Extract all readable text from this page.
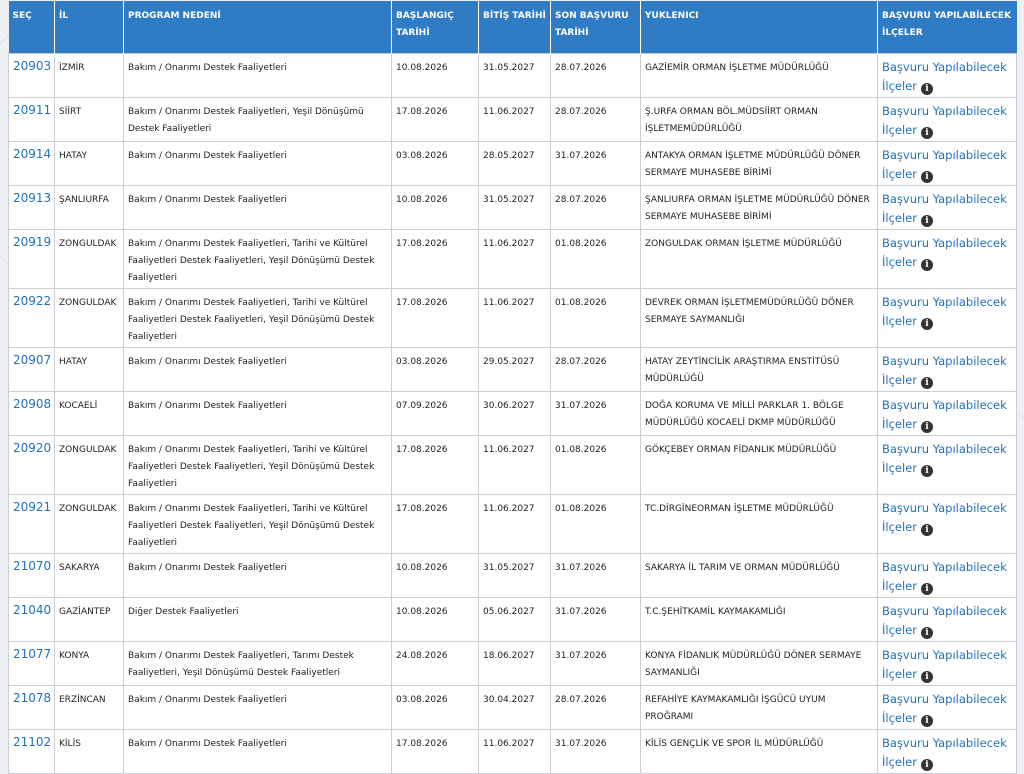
SEÇ	İL	PROGRAM NEDENİ	BAŞLANGIÇ TARİHİ	BİTİŞ TARİHİ	SON BAŞVURU TARİHİ	YUKLENICI	BAŞVURU YAPILABİLECEK İLÇELER
20903	İZMİR	Bakım / Onarımı Destek Faaliyetleri	10.08.2026	31.05.2027	28.07.2026	GAZİEMİR ORMAN İŞLETME MÜDÜRLÜĞÜ	Başvuru Yapılabilecek İlçeler i
20911	SİİRT	Bakım / Onarımı Destek Faaliyetleri, Yeşil Dönüşümü Destek Faaliyetleri	17.08.2026	11.06.2027	28.07.2026	Ş.URFA ORMAN BÖL.MÜDSİİRT ORMAN İŞLETMEMÜDÜRLÜĞÜ	Başvuru Yapılabilecek İlçeler i
20914	HATAY	Bakım / Onarımı Destek Faaliyetleri	03.08.2026	28.05.2027	31.07.2026	ANTAKYA ORMAN İŞLETME MÜDÜRLÜĞÜ DÖNER SERMAYE MUHASEBE BİRİMİ	Başvuru Yapılabilecek İlçeler i
20913	ŞANLIURFA	Bakım / Onarımı Destek Faaliyetleri	10.08.2026	31.05.2027	28.07.2026	ŞANLIURFA ORMAN İŞLETME MÜDÜRLÜĞÜ DÖNER SERMAYE MUHASEBE BİRİMİ	Başvuru Yapılabilecek İlçeler i
20919	ZONGULDAK	Bakım / Onarımı Destek Faaliyetleri, Tarihi ve Kültürel Faaliyetleri Destek Faaliyetleri, Yeşil Dönüşümü Destek Faaliyetleri	17.08.2026	11.06.2027	01.08.2026	ZONGULDAK ORMAN İŞLETME MÜDÜRLÜĞÜ	Başvuru Yapılabilecek İlçeler i
20922	ZONGULDAK	Bakım / Onarımı Destek Faaliyetleri, Tarihi ve Kültürel Faaliyetleri Destek Faaliyetleri, Yeşil Dönüşümü Destek Faaliyetleri	17.08.2026	11.06.2027	01.08.2026	DEVREK ORMAN İŞLETMEMÜDÜRLÜĞÜ DÖNER SERMAYE SAYMANLIĞI	Başvuru Yapılabilecek İlçeler i
20907	HATAY	Bakım / Onarımı Destek Faaliyetleri	03.08.2026	29.05.2027	28.07.2026	HATAY ZEYTİNCİLİK ARAŞTIRMA ENSTİTÜSÜ MÜDÜRLÜĞÜ	Başvuru Yapılabilecek İlçeler i
20908	KOCAELİ	Bakım / Onarımı Destek Faaliyetleri	07.09.2026	30.06.2027	31.07.2026	DOĞA KORUMA VE MİLLİ PARKLAR 1. BÖLGE MÜDÜRLÜĞÜ KOCAELİ DKMP MÜDÜRLÜĞÜ	Başvuru Yapılabilecek İlçeler i
20920	ZONGULDAK	Bakım / Onarımı Destek Faaliyetleri, Tarihi ve Kültürel Faaliyetleri Destek Faaliyetleri, Yeşil Dönüşümü Destek Faaliyetleri	17.08.2026	11.06.2027	01.08.2026	GÖKÇEBEY ORMAN FİDANLIK MÜDÜRLÜĞÜ	Başvuru Yapılabilecek İlçeler i
20921	ZONGULDAK	Bakım / Onarımı Destek Faaliyetleri, Tarihi ve Kültürel Faaliyetleri Destek Faaliyetleri, Yeşil Dönüşümü Destek Faaliyetleri	17.08.2026	11.06.2027	01.08.2026	TC.DİRGİNEORMAN İŞLETME MÜDÜRLÜĞÜ	Başvuru Yapılabilecek İlçeler i
21070	SAKARYA	Bakım / Onarımı Destek Faaliyetleri	10.08.2026	31.05.2027	31.07.2026	SAKARYA İL TARIM VE ORMAN MÜDÜRLÜĞÜ	Başvuru Yapılabilecek İlçeler i
21040	GAZİANTEP	Diğer Destek Faaliyetleri	10.08.2026	05.06.2027	31.07.2026	T.C.ŞEHİTKAMİL KAYMAKAMLIĞI	Başvuru Yapılabilecek İlçeler i
21077	KONYA	Bakım / Onarımı Destek Faaliyetleri, Tarımı Destek Faaliyetleri, Yeşil Dönüşümü Destek Faaliyetleri	24.08.2026	18.06.2027	31.07.2026	KONYA FİDANLIK MÜDÜRLÜĞÜ DÖNER SERMAYE SAYMANLIĞI	Başvuru Yapılabilecek İlçeler i
21078	ERZİNCAN	Bakım / Onarımı Destek Faaliyetleri	03.08.2026	30.04.2027	28.07.2026	REFAHİYE KAYMAKAMLIĞI İŞGÜCÜ UYUM PROĞRAMI	Başvuru Yapılabilecek İlçeler i
21102	KİLİS	Bakım / Onarımı Destek Faaliyetleri	17.08.2026	11.06.2027	31.07.2026	KİLİS GENÇLİK VE SPOR İL MÜDÜRLÜĞÜ	Başvuru Yapılabilecek İlçeler i
